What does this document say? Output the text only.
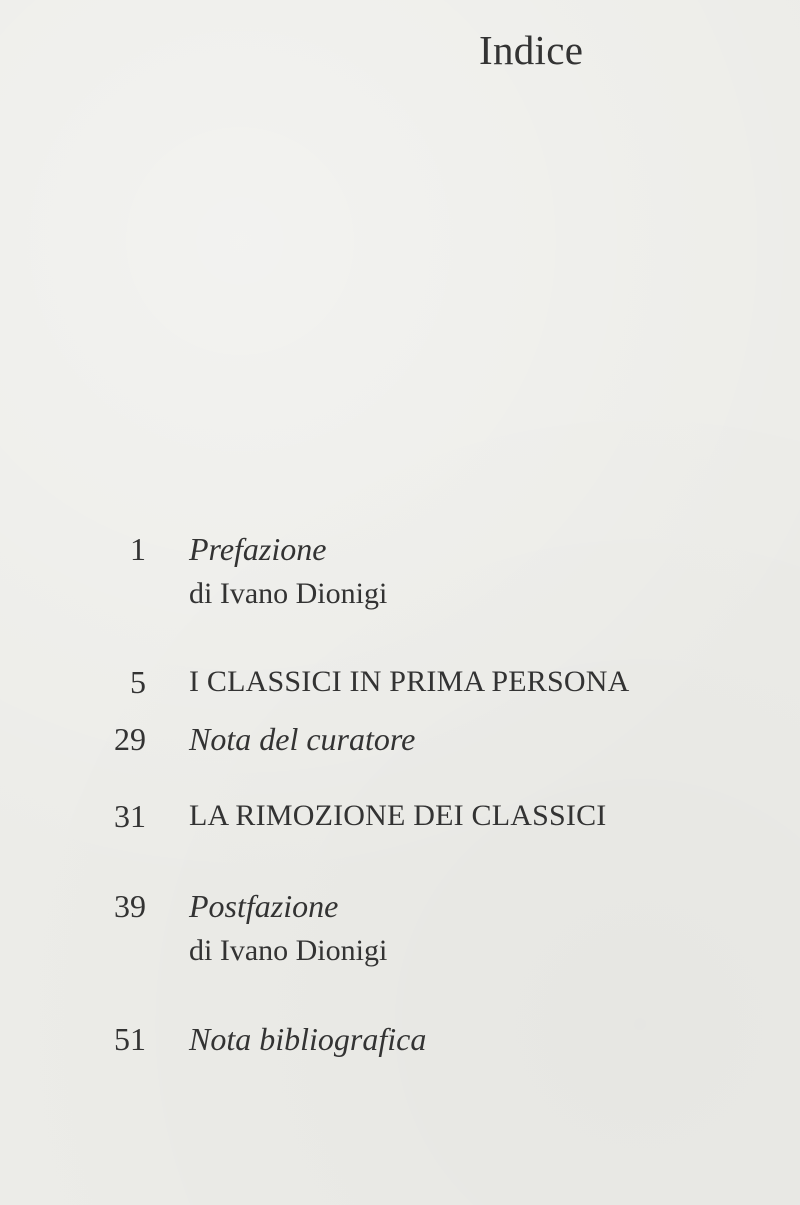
Indice
1 Prefazione
di Ivano Dionigi
5 I CLASSICI IN PRIMA PERSONA
29 Nota del curatore
31 LA RIMOZIONE DEI CLASSICI
39 Postfazione
di Ivano Dionigi
51 Nota bibliografica
